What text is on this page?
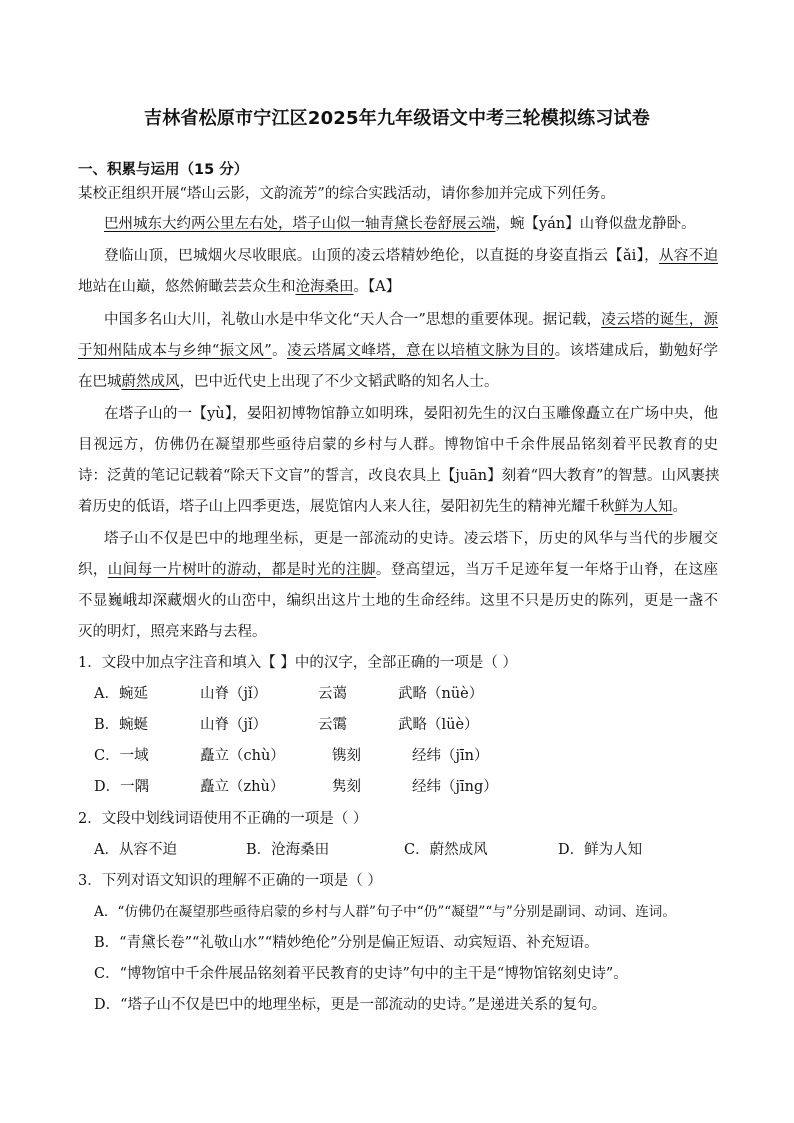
吉林省松原市宁江区2025年九年级语文中考三轮模拟练习试卷
一、积累与运用（15 分）
某校正组织开展“塔山云影，文韵流芳”的综合实践活动，请你参加并完成下列任务。
巴州城东大约两公里左右处，塔子山似一轴青黛长卷舒展云端，蜿【yán】山脊似盘龙静卧。
登临山顶，巴城烟火尽收眼底。山顶的凌云塔精妙绝伦，以直挺的身姿直指云【ǎi】，从容不迫
地站在山巅，悠然俯瞰芸芸众生和沧海桑田。【A】
中国多名山大川，礼敬山水是中华文化“天人合一”思想的重要体现。据记载，凌云塔的诞生，源
于知州陆成本与乡绅“振文风”。凌云塔属文峰塔，意在以培植文脉为目的。该塔建成后，勤勉好学
在巴城蔚然成风，巴中近代史上出现了不少文韬武略的知名人士。
在塔子山的一【yù】，晏阳初博物馆静立如明珠，晏阳初先生的汉白玉雕像矗立在广场中央，他
目视远方，仿佛仍在凝望那些亟待启蒙的乡村与人群。博物馆中千余件展品铭刻着平民教育的史
诗：泛黄的笔记记载着“除天下文盲”的誓言，改良农具上【juān】刻着“四大教育”的智慧。山风裹挟
着历史的低语，塔子山上四季更迭，展览馆内人来人往，晏阳初先生的精神光耀千秋鲜为人知。
塔子山不仅是巴中的地理坐标，更是一部流动的史诗。凌云塔下，历史的风华与当代的步履交
织，山间每一片树叶的游动，都是时光的注脚。登高望远，当万千足迹年复一年烙于山脊，在这座
不显巍峨却深藏烟火的山峦中，编织出这片土地的生命经纬。这里不只是历史的陈列，更是一盏不
灭的明灯，照亮来路与去程。
1．文段中加点字注音和填入【 】中的汉字，全部正确的一项是（ ）
A．蜿延	山脊（jǐ）	云蔼	武略（nüè）
B．蜿蜒	山脊（jǐ）	云霭	武略（lüè）
C．一域	矗立（chù）	镌刻	经纬（jīn）
D．一隅	矗立（zhù）	隽刻	经纬（jīng）
2．文段中划线词语使用不正确的一项是（ ）
A．从容不迫	B．沧海桑田	C．蔚然成风	D．鲜为人知
3．下列对语文知识的理解不正确的一项是（ ）
A．“仿佛仍在凝望那些亟待启蒙的乡村与人群”句子中“仍”“凝望”“与”分别是副词、动词、连词。
B．“青黛长卷”“礼敬山水”“精妙绝伦”分别是偏正短语、动宾短语、补充短语。
C．“博物馆中千余件展品铭刻着平民教育的史诗”句中的主干是“博物馆铭刻史诗”。
D．“塔子山不仅是巴中的地理坐标，更是一部流动的史诗。”是递进关系的复句。
